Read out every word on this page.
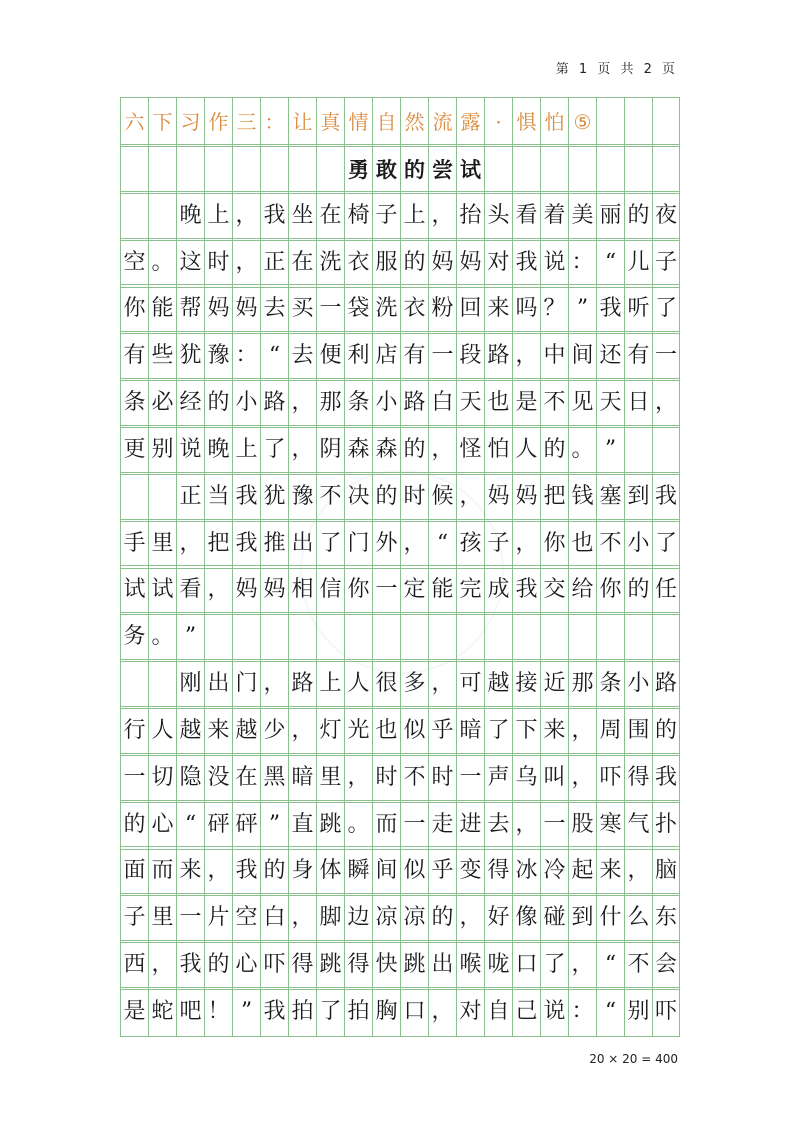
第 1 页 共 2 页
六 下 习 作 三 ： 让 真 情 自 然 流 露 · 惧 怕 ⑤
勇 敢 的 尝 试
晚 上 ， 我 坐 在 椅 子 上 ， 抬 头 看 着 美 丽 的 夜
空 。 这 时 ， 正 在 洗 衣 服 的 妈 妈 对 我 说 ： “ 儿 子
你 能 帮 妈 妈 去 买 一 袋 洗 衣 粉 回 来 吗 ？ ” 我 听 了
有 些 犹 豫 ： “ 去 便 利 店 有 一 段 路 ， 中 间 还 有 一
条 必 经 的 小 路 ， 那 条 小 路 白 天 也 是 不 见 天 日 ，
更 别 说 晚 上 了 ， 阴 森 森 的 ， 怪 怕 人 的 。 ”
正 当 我 犹 豫 不 决 的 时 候 ， 妈 妈 把 钱 塞 到 我
手 里 ， 把 我 推 出 了 门 外 ， “ 孩 子 ， 你 也 不 小 了
试 试 看 ， 妈 妈 相 信 你 一 定 能 完 成 我 交 给 你 的 任
务 。 ”
刚 出 门 ， 路 上 人 很 多 ， 可 越 接 近 那 条 小 路
行 人 越 来 越 少 ， 灯 光 也 似 乎 暗 了 下 来 ， 周 围 的
一 切 隐 没 在 黑 暗 里 ， 时 不 时 一 声 乌 叫 ， 吓 得 我
的 心 “ 砰 砰 ” 直 跳 。 而 一 走 进 去 ， 一 股 寒 气 扑
面 而 来 ， 我 的 身 体 瞬 间 似 乎 变 得 冰 冷 起 来 ， 脑
子 里 一 片 空 白 ， 脚 边 凉 凉 的 ， 好 像 碰 到 什 么 东
西 ， 我 的 心 吓 得 跳 得 快 跳 出 喉 咙 口 了 ， “ 不 会
是 蛇 吧 ！ ” 我 拍 了 拍 胸 口 ， 对 自 己 说 ： “ 别 吓
20 × 20 = 400
